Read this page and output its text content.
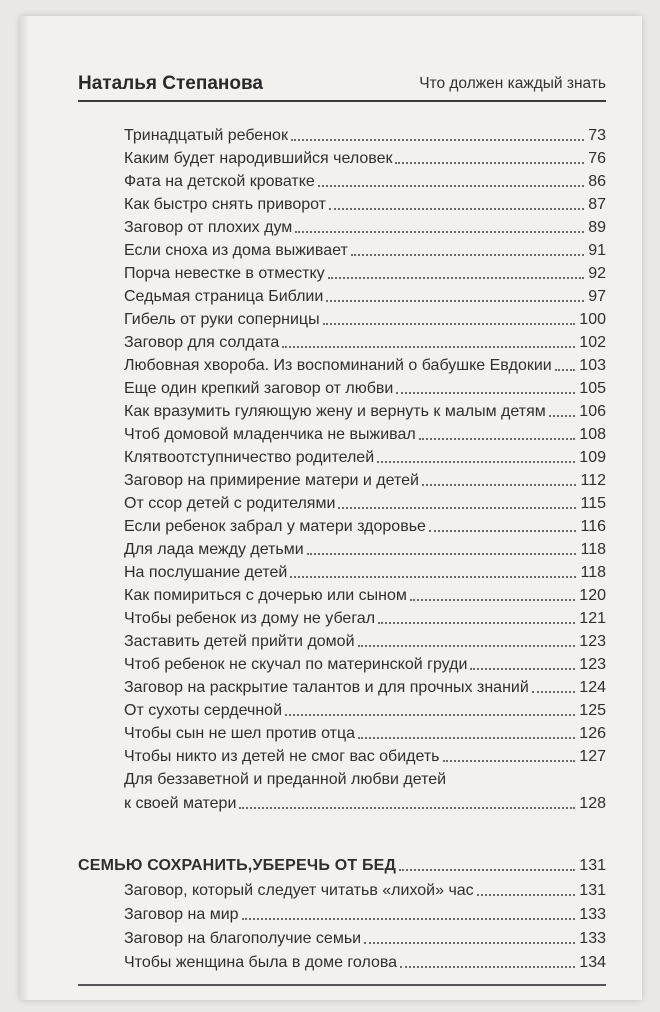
Наталья Степанова	Что должен каждый знать
Тринадцатый ребенок	73
Каким будет народившийся человек	76
Фата на детской кроватке	86
Как быстро снять приворот	87
Заговор от плохих дум	89
Если сноха из дома выживает	91
Порча невестке в отместку	92
Седьмая страница Библии	97
Гибель от руки соперницы	100
Заговор для солдата	102
Любовная хвороба. Из воспоминаний о бабушке Евдокии 103
Еще один крепкий заговор от любви	105
Как вразумить гуляющую жену и вернуть к малым детям 106
Чтоб домовой младенчика не выживал	108
Клятвоотступничество родителей	109
Заговор на примирение матери и детей	112
От ссор детей с родителями	115
Если ребенок забрал у матери здоровье	116
Для лада между детьми	118
На послушание детей	118
Как помириться с дочерью или сыном	120
Чтобы ребенок из дому не убегал	121
Заставить детей прийти домой	123
Чтоб ребенок не скучал по материнской груди	123
Заговор на раскрытие талантов и для прочных знаний	124
От сухоты сердечной	125
Чтобы сын не шел против отца	126
Чтобы никто из детей не смог вас обидеть	127
Для беззаветной и преданной любви детей
к своей матери	128
СЕМЬЮ СОХРАНИТЬ,УБЕРЕЧЬ ОТ БЕД	131
Заговор, который следует читатьв «лихой» час	131
Заговор на мир	133
Заговор на благополучие семьи	133
Чтобы женщина была в доме голова	134
